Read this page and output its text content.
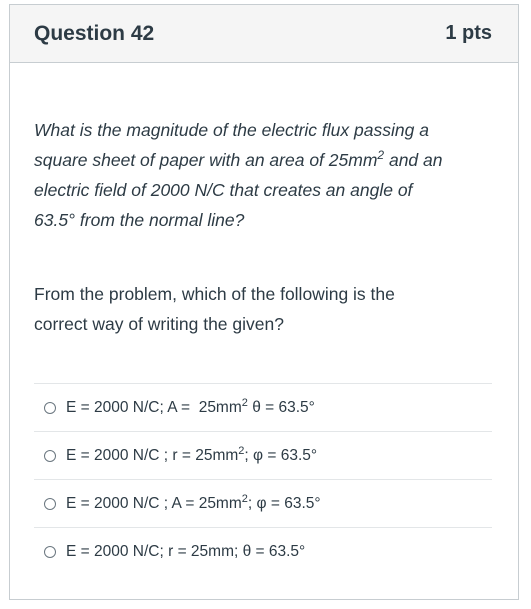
Question 42	1 pts
What is the magnitude of the electric flux passing a
square sheet of paper with an area of $25mm^2$ and an
electric field of 2000 N/C that creates an angle of
63.5° from the normal line?
From the problem, which of the following is the
correct way of writing the given?
E = 2000 N/C; $A = 25mm^2$ θ = 63.5°
E = 2000 N/C ; $r = 25mm^2$; φ = 63.5°
E = 2000 N/C ; $A = 25mm^2$; φ = 63.5°
E = 2000 N/C; r = 25mm; θ = 63.5°
